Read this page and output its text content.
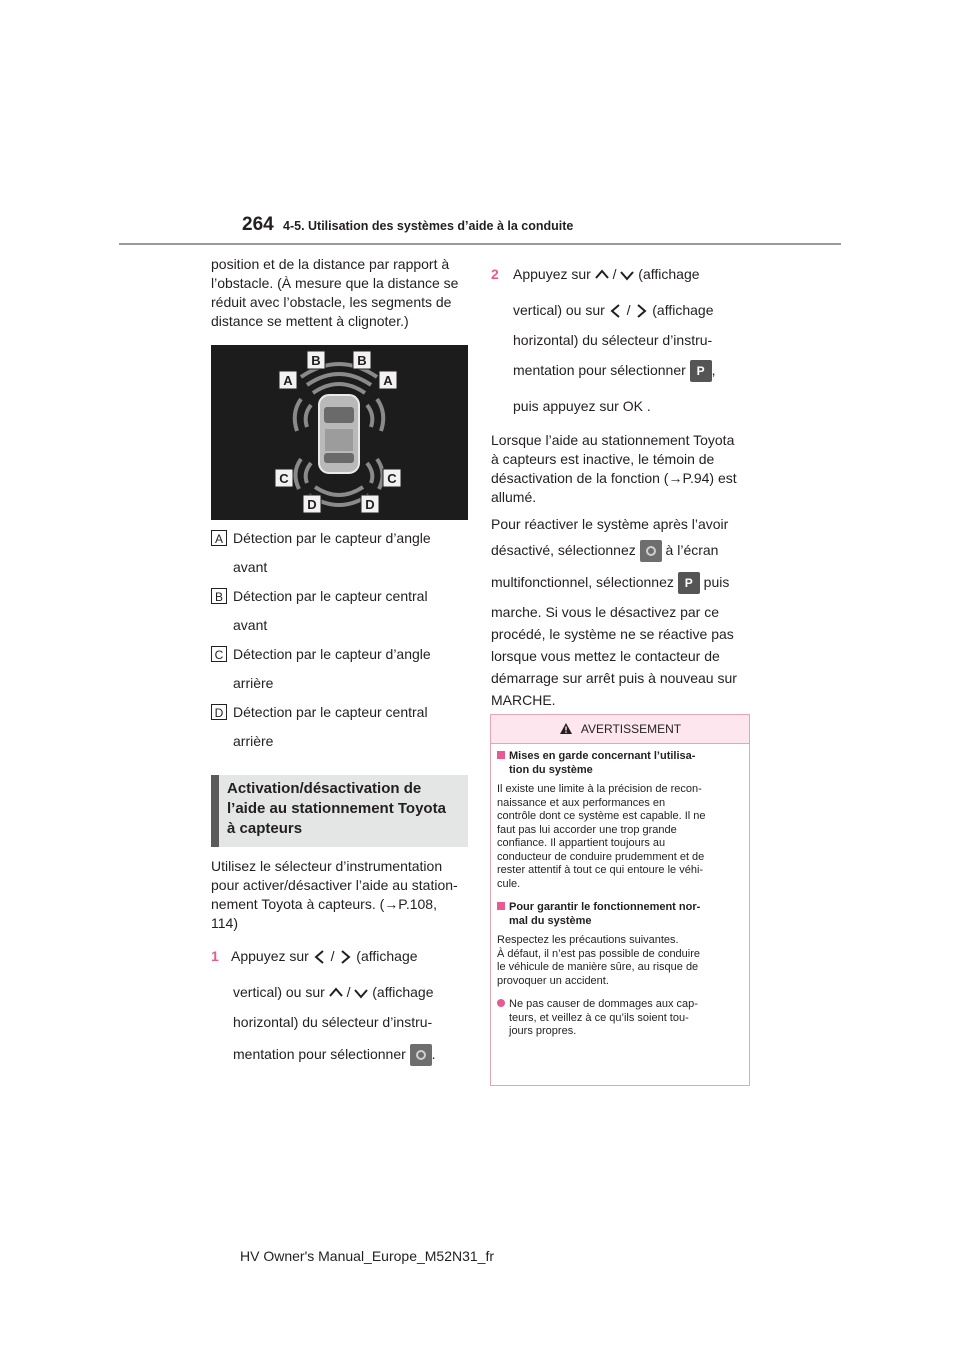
264 4-5. Utilisation des systèmes d’aide à la conduite
position et de la distance par rapport à
l’obstacle. (À mesure que la distance se
réduit avec l’obstacle, les segments de
distance se mettent à clignoter.)
B	B
A	A
C	C
D	D
A Détection par le capteur d’angle
avant
B Détection par le capteur central
avant
C Détection par le capteur d’angle
arrière
D Détection par le capteur central
arrière
Activation/désactivation de
l’aide au stationnement Toyota
à capteurs
Utilisez le sélecteur d’instrumentation
pour activer/désactiver l’aide au station-
nement Toyota à capteurs. (→P.108,
114)
1 Appuyez sur / (affichage
vertical) ou sur / (affichage
horizontal) du sélecteur d’instru-
mentation pour sélectionner .
2 Appuyez sur / (affichage
vertical) ou sur / (affichage
horizontal) du sélecteur d’instru-
mentation pour sélectionner P ,
puis appuyez sur OK .
Lorsque l’aide au stationnement Toyota
à capteurs est inactive, le témoin de
désactivation de la fonction (→P.94) est
allumé.
Pour réactiver le système après l’avoir
désactivé, sélectionnez à l’écran
multifonctionnel, sélectionnez P puis
marche. Si vous le désactivez par ce
procédé, le système ne se réactive pas
lorsque vous mettez le contacteur de
démarrage sur arrêt puis à nouveau sur
MARCHE.
AVERTISSEMENT
Mises en garde concernant l’utilisa-
tion du système
Il existe une limite à la précision de recon-
naissance et aux performances en
contrôle dont ce système est capable. Il ne
faut pas lui accorder une trop grande
confiance. Il appartient toujours au
conducteur de conduire prudemment et de
rester attentif à tout ce qui entoure le véhi-
cule.
Pour garantir le fonctionnement nor-
mal du système
Respectez les précautions suivantes.
À défaut, il n’est pas possible de conduire
le véhicule de manière sûre, au risque de
provoquer un accident.
Ne pas causer de dommages aux cap-
teurs, et veillez à ce qu’ils soient tou-
jours propres.
HV Owner's Manual_Europe_M52N31_fr
